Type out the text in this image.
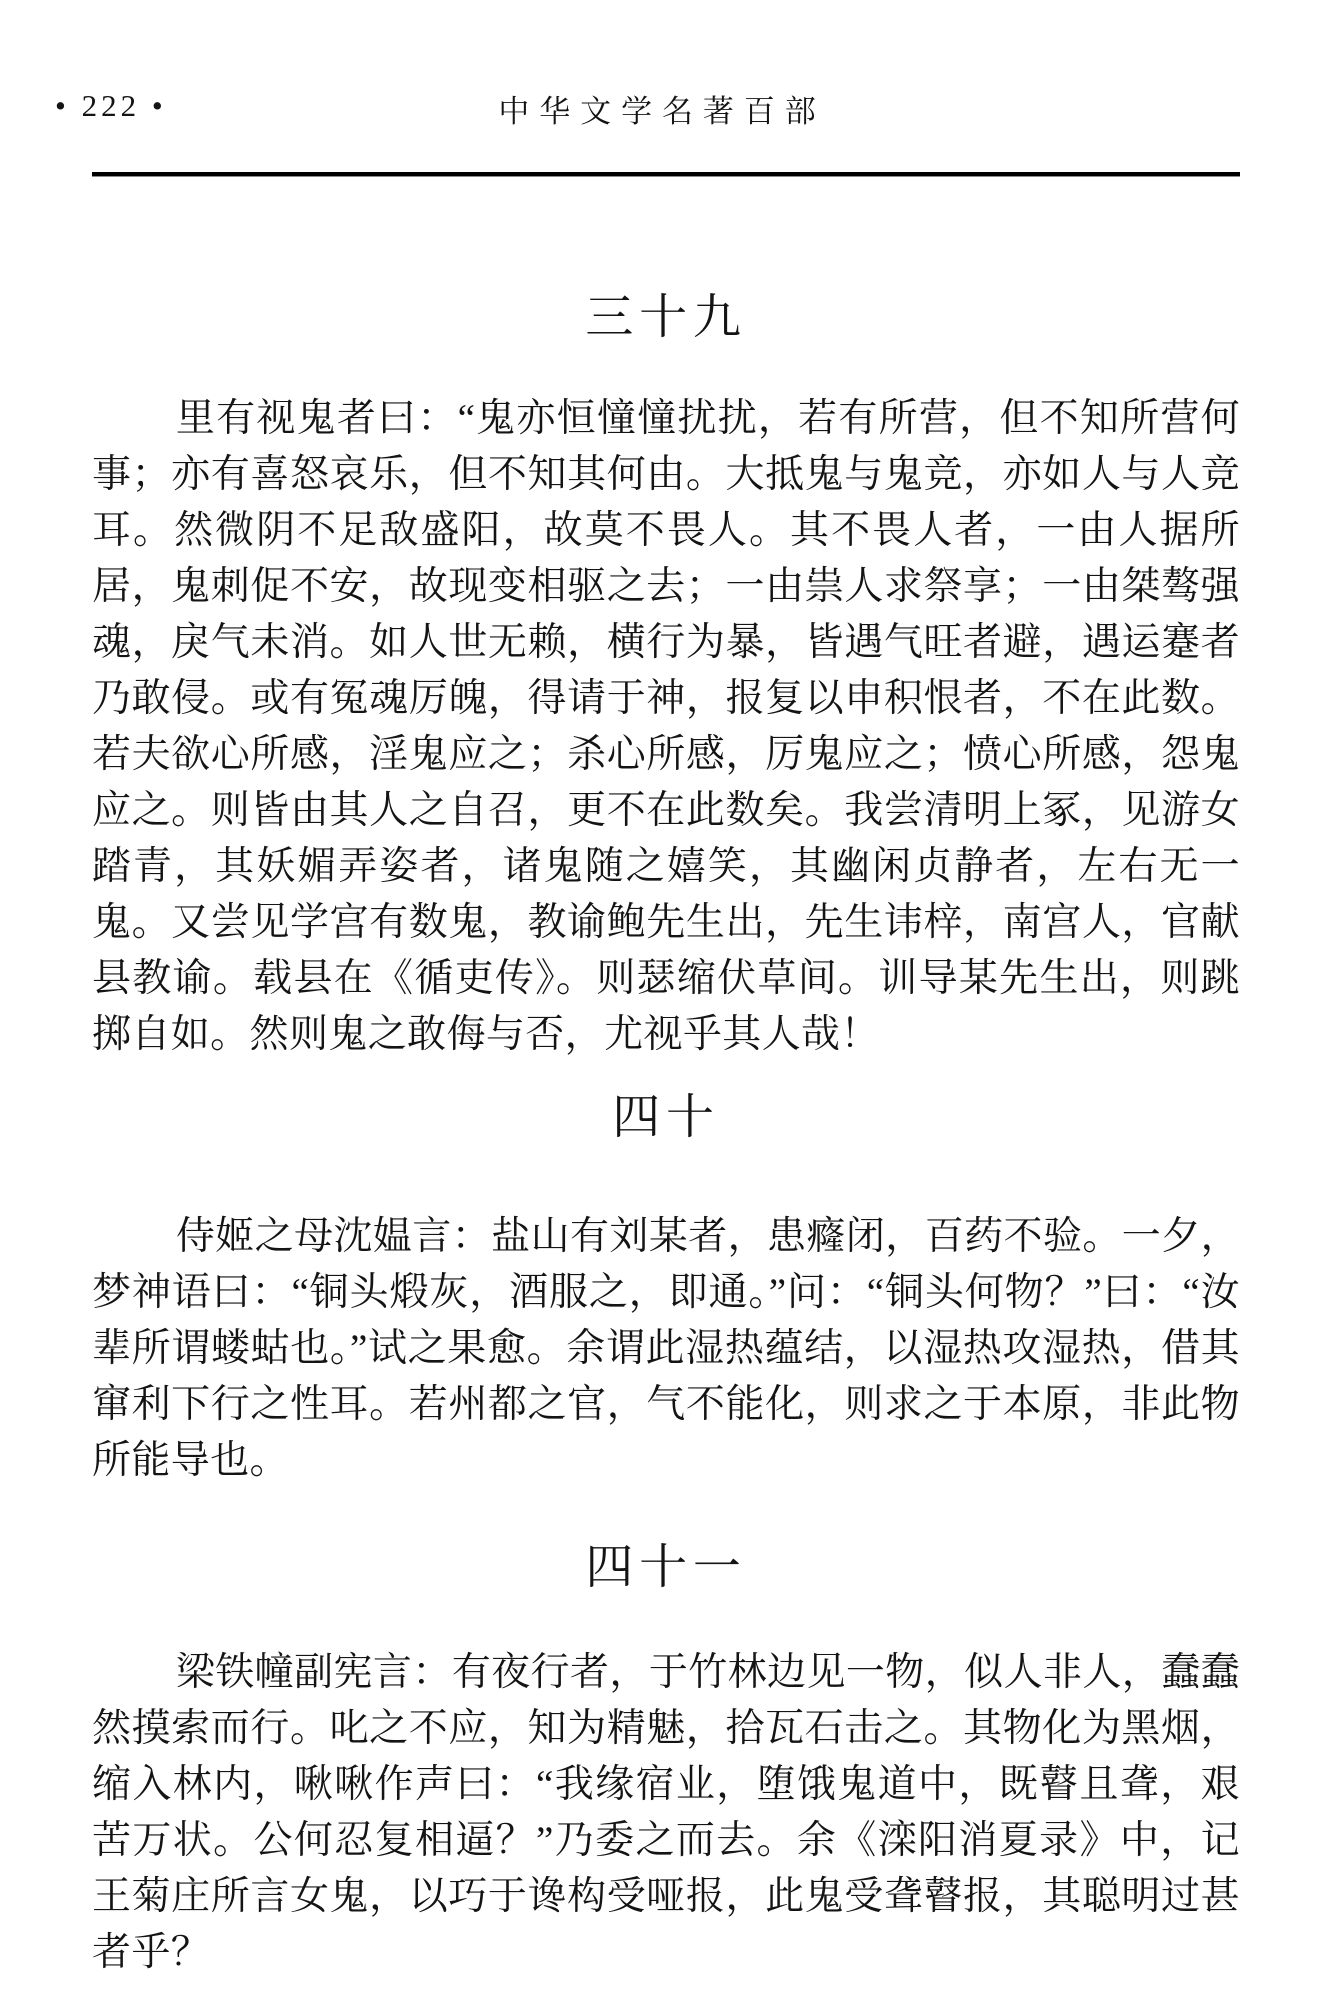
• 222 •	中华文学名著百部
三十九

里有视鬼者曰：“鬼亦恒憧憧扰扰，若有所营，但不知所营何事；亦有喜怒哀乐，但不知其何由。大抵鬼与鬼竞，亦如人与人竞耳。然微阴不足敌盛阳，故莫不畏人。其不畏人者，一由人据所居，鬼刺促不安，故现变相驱之去；一由祟人求祭享；一由桀骜强魂，戾气未消。如人世无赖，横行为暴，皆遇气旺者避，遇运蹇者乃敢侵。或有冤魂厉魄，得请于神，报复以申积恨者，不在此数。若夫欲心所感，淫鬼应之；杀心所感，厉鬼应之；愤心所感，怨鬼应之。则皆由其人之自召，更不在此数矣。我尝清明上冢，见游女踏青，其妖媚弄姿者，诸鬼随之嬉笑，其幽闲贞静者，左右无一鬼。又尝见学宫有数鬼，教谕鲍先生出，先生讳梓，南宫人，官献县教谕。载县在《循吏传》。则瑟缩伏草间。训导某先生出，则跳掷自如。然则鬼之敢侮与否，尤视乎其人哉！

四十

侍姬之母沈媪言：盐山有刘某者，患癃闭，百药不验。一夕，梦神语曰：“铜头煅灰，酒服之，即通。”问：“铜头何物？”曰：“汝辈所谓蝼蛄也。”试之果愈。余谓此湿热蕴结，以湿热攻湿热，借其窜利下行之性耳。若州都之官，气不能化，则求之于本原，非此物所能导也。

四十一

梁铁幢副宪言：有夜行者，于竹林边见一物，似人非人，蠢蠢然摸索而行。叱之不应，知为精魅，拾瓦石击之。其物化为黑烟，缩入林内，啾啾作声曰：“我缘宿业，堕饿鬼道中，既瞽且聋，艰苦万状。公何忍复相逼？”乃委之而去。余《滦阳消夏录》中，记王菊庄所言女鬼，以巧于谗构受哑报，此鬼受聋瞽报，其聪明过甚者乎？
